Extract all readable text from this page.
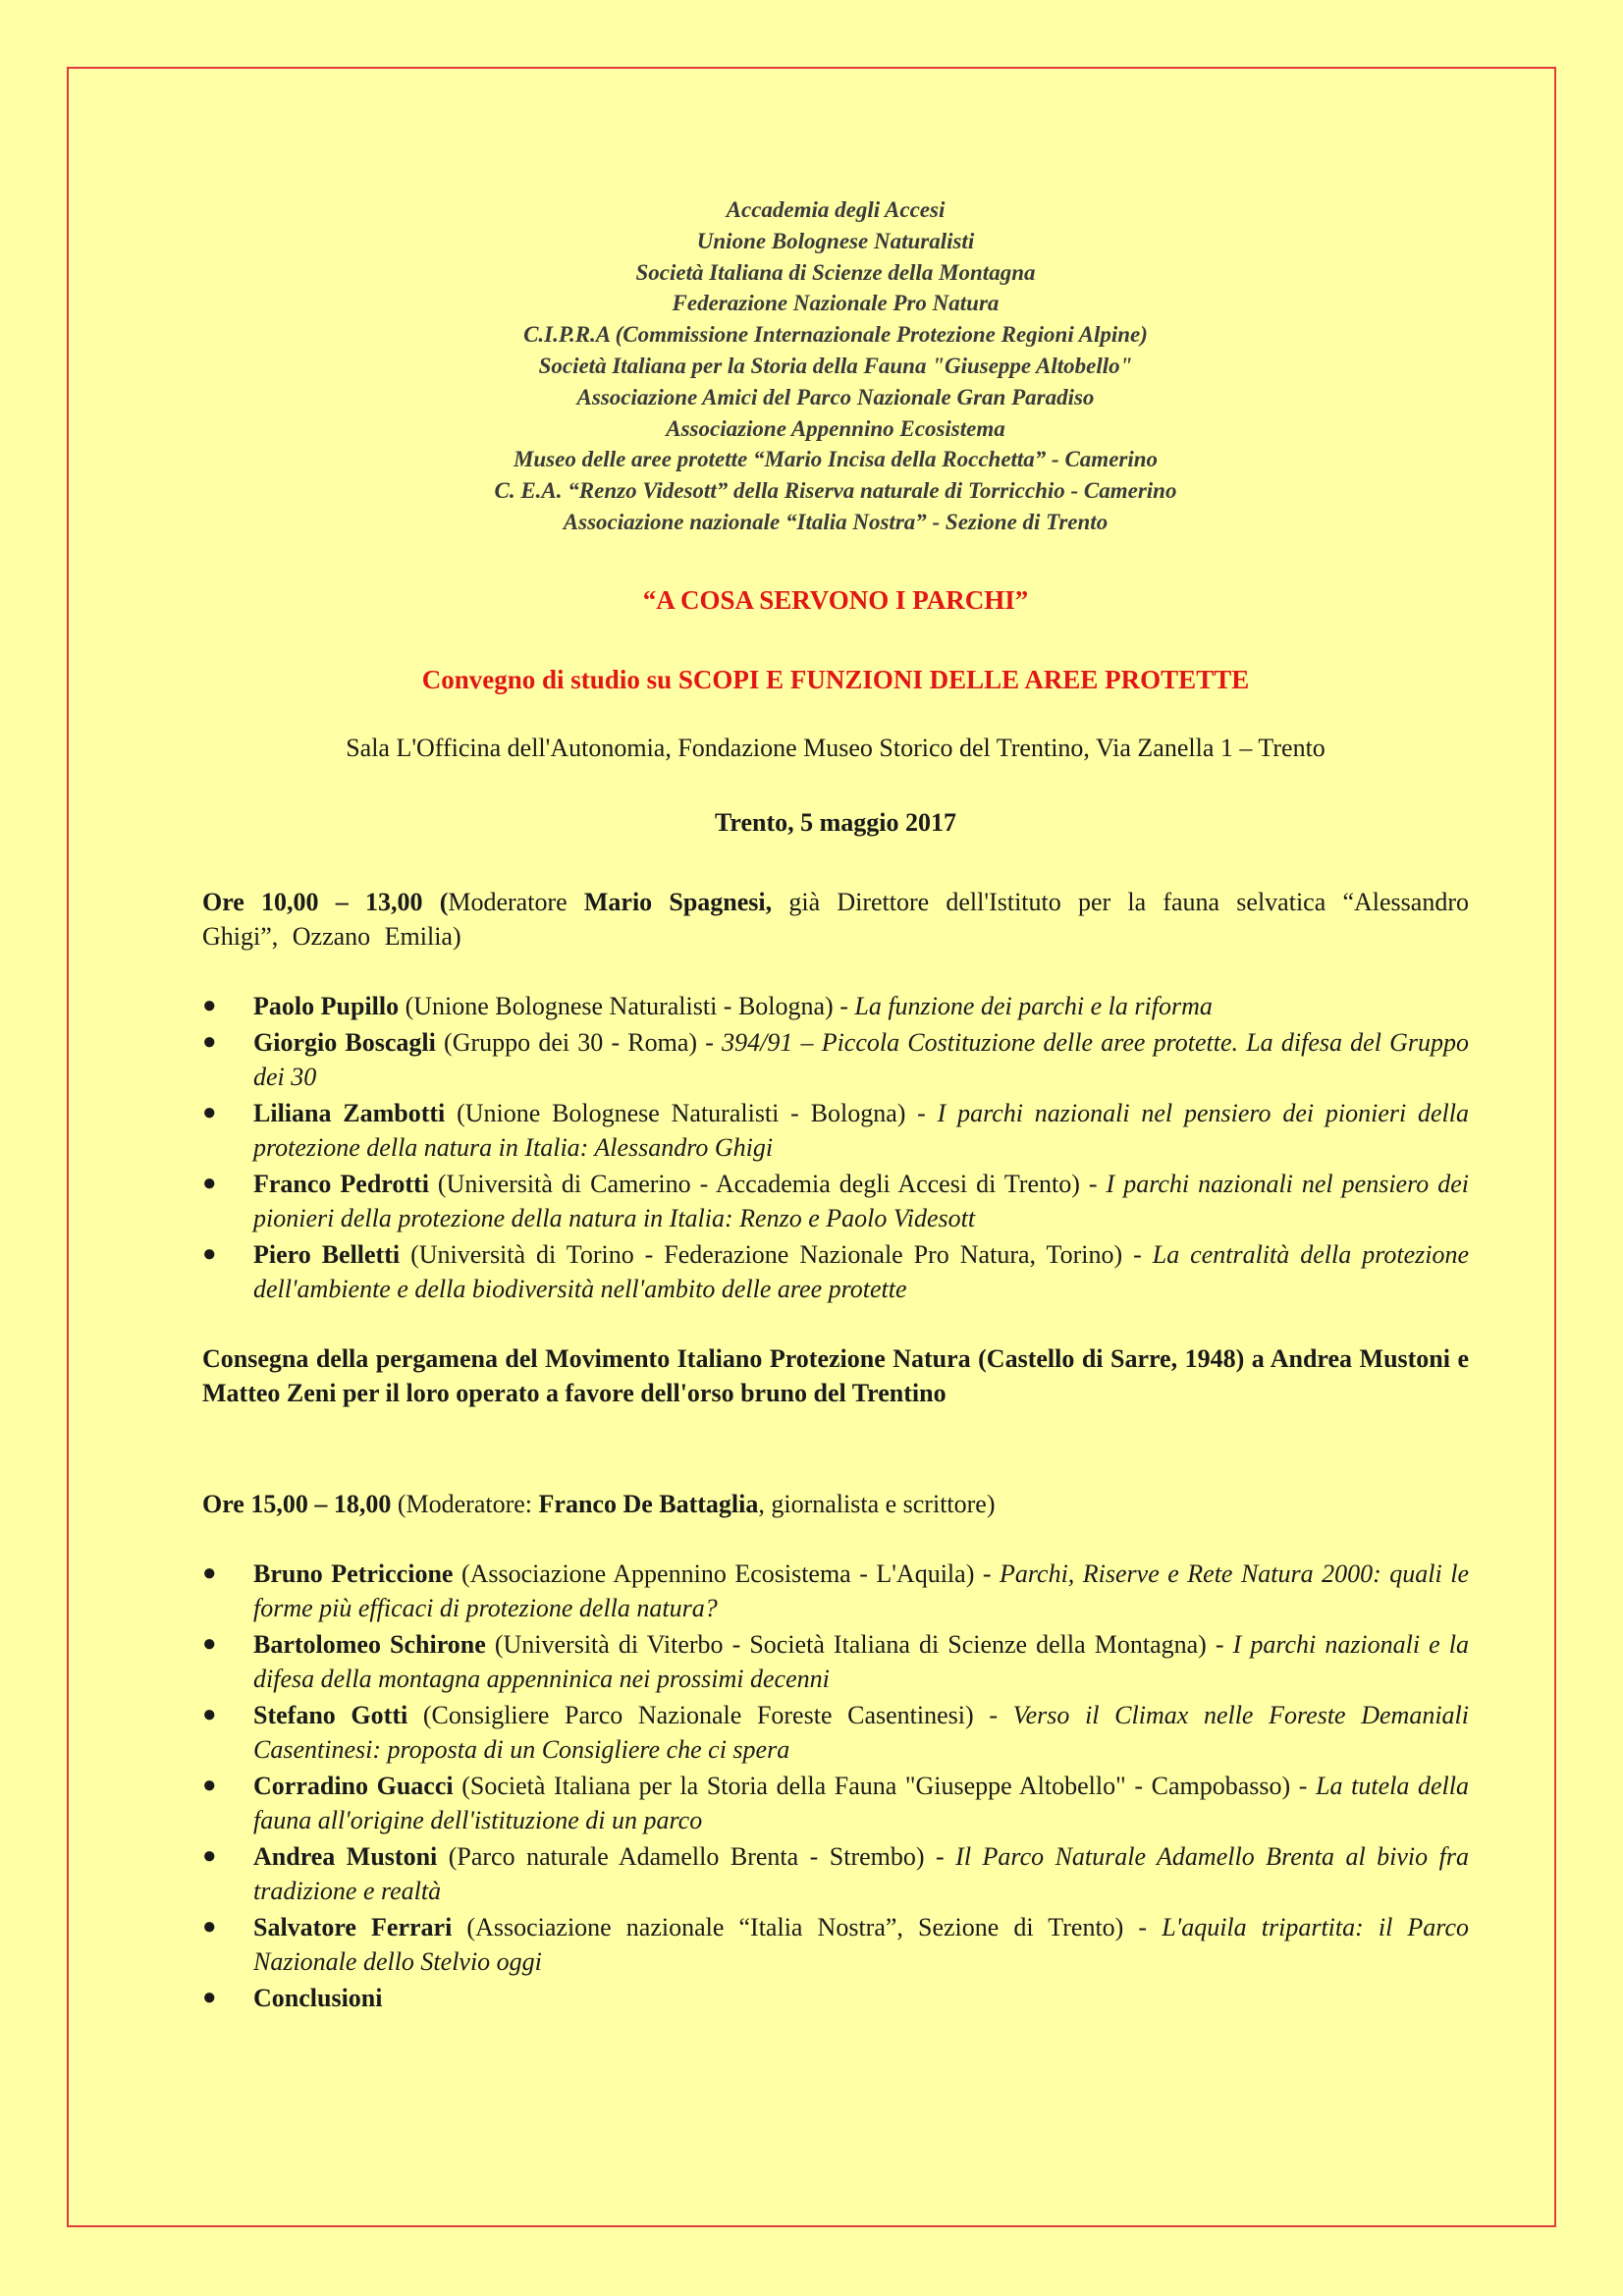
Accademia degli Accesi
Unione Bolognese Naturalisti
Società Italiana di Scienze della Montagna
Federazione Nazionale Pro Natura
C.I.P.R.A (Commissione Internazionale Protezione Regioni Alpine)
Società Italiana per la Storia della Fauna "Giuseppe Altobello"
Associazione Amici del Parco Nazionale Gran Paradiso
Associazione Appennino Ecosistema
Museo delle aree protette “Mario Incisa della Rocchetta” - Camerino
C. E.A. “Renzo Videsott” della Riserva naturale di Torricchio - Camerino
Associazione nazionale “Italia Nostra” - Sezione di Trento
“A COSA SERVONO I PARCHI”
Convegno di studio su SCOPI E FUNZIONI DELLE AREE PROTETTE
Sala L'Officina dell'Autonomia, Fondazione Museo Storico del Trentino, Via Zanella 1 – Trento
Trento, 5 maggio 2017
Ore 10,00 – 13,00 (Moderatore Mario Spagnesi, già Direttore dell'Istituto per la fauna selvatica “Alessandro Ghigi”, Ozzano Emilia)
● Paolo Pupillo (Unione Bolognese Naturalisti - Bologna) - La funzione dei parchi e la riforma
● Giorgio Boscagli (Gruppo dei 30 - Roma) - 394/91 – Piccola Costituzione delle aree protette. La difesa del Gruppo dei 30
● Liliana Zambotti (Unione Bolognese Naturalisti - Bologna) - I parchi nazionali nel pensiero dei pionieri della protezione della natura in Italia: Alessandro Ghigi
● Franco Pedrotti (Università di Camerino - Accademia degli Accesi di Trento) - I parchi nazionali nel pensiero dei pionieri della protezione della natura in Italia: Renzo e Paolo Videsott
● Piero Belletti (Università di Torino - Federazione Nazionale Pro Natura, Torino) - La centralità della protezione dell'ambiente e della biodiversità nell'ambito delle aree protette
Consegna della pergamena del Movimento Italiano Protezione Natura (Castello di Sarre, 1948) a Andrea Mustoni e Matteo Zeni per il loro operato a favore dell'orso bruno del Trentino
Ore 15,00 – 18,00 (Moderatore: Franco De Battaglia, giornalista e scrittore)
● Bruno Petriccione (Associazione Appennino Ecosistema - L'Aquila) - Parchi, Riserve e Rete Natura 2000: quali le forme più efficaci di protezione della natura?
● Bartolomeo Schirone (Università di Viterbo - Società Italiana di Scienze della Montagna) - I parchi nazionali e la difesa della montagna appenninica nei prossimi decenni
● Stefano Gotti (Consigliere Parco Nazionale Foreste Casentinesi) - Verso il Climax nelle Foreste Demaniali Casentinesi: proposta di un Consigliere che ci spera
● Corradino Guacci (Società Italiana per la Storia della Fauna "Giuseppe Altobello" - Campobasso) - La tutela della fauna all'origine dell'istituzione di un parco
● Andrea Mustoni (Parco naturale Adamello Brenta - Strembo) - Il Parco Naturale Adamello Brenta al bivio fra tradizione e realtà
● Salvatore Ferrari (Associazione nazionale “Italia Nostra”, Sezione di Trento) - L'aquila tripartita: il Parco Nazionale dello Stelvio oggi
● Conclusioni
